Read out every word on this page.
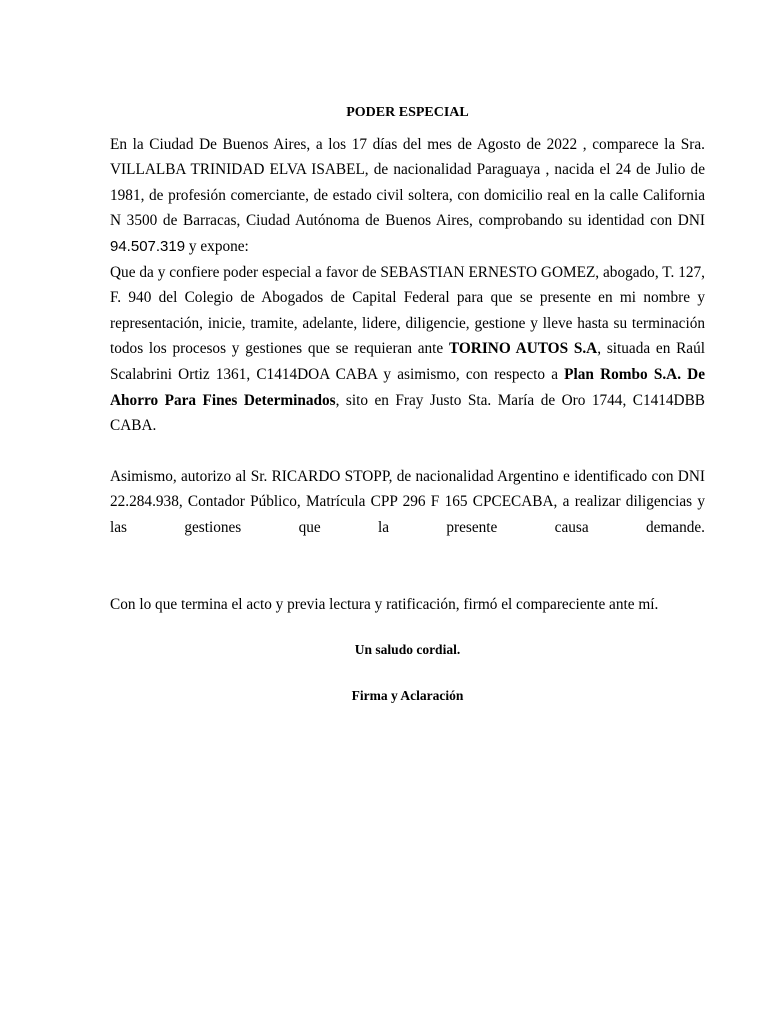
PODER ESPECIAL

En la Ciudad De Buenos Aires, a los 17 días del mes de Agosto de 2022 , comparece la Sra. VILLALBA TRINIDAD ELVA ISABEL, de nacionalidad Paraguaya , nacida el 24 de Julio de 1981, de profesión comerciante, de estado civil soltera, con domicilio real en la calle California N 3500 de Barracas, Ciudad Autónoma de Buenos Aires, comprobando su identidad con DNI 94.507.319 y expone:

Que da y confiere poder especial a favor de SEBASTIAN ERNESTO GOMEZ, abogado, T. 127, F. 940 del Colegio de Abogados de Capital Federal para que se presente en mi nombre y representación, inicie, tramite, adelante, lidere, diligencie, gestione y lleve hasta su terminación todos los procesos y gestiones que se requieran ante TORINO AUTOS S.A, situada en Raúl Scalabrini Ortiz 1361, C1414DOA CABA y asimismo, con respecto a Plan Rombo S.A. De Ahorro Para Fines Determinados, sito en Fray Justo Sta. María de Oro 1744, C1414DBB CABA.

Asimismo, autorizo al Sr. RICARDO STOPP, de nacionalidad Argentino e identificado con DNI 22.284.938, Contador Público, Matrícula CPP 296 F 165 CPCECABA, a realizar diligencias y las gestiones que la presente causa demande.

Con lo que termina el acto y previa lectura y ratificación, firmó el compareciente ante mí.

Un saludo cordial.

Firma y Aclaración
